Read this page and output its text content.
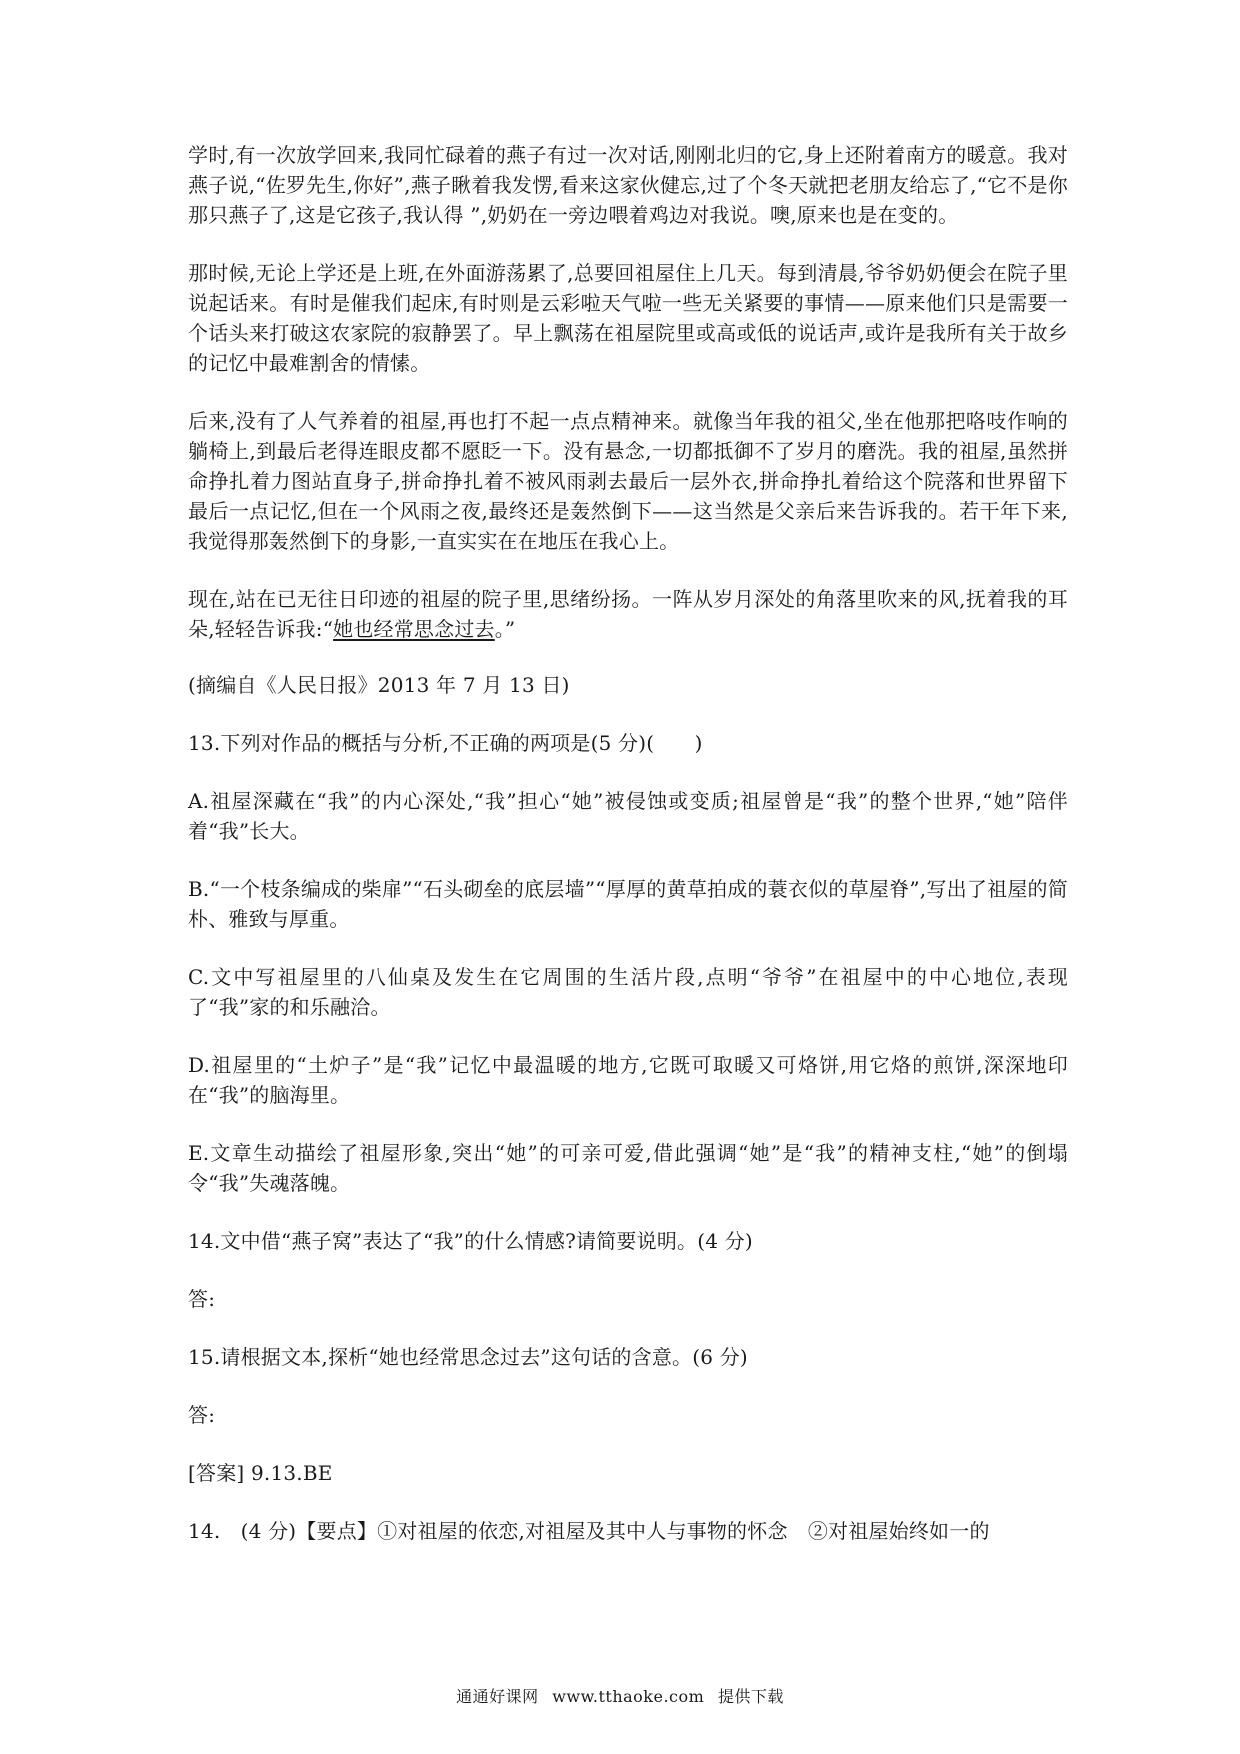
学时,有一次放学回来,我同忙碌着的燕子有过一次对话,刚刚北归的它,身上还附着南方的暖意。我对燕子说,“佐罗先生,你好”,燕子瞅着我发愣,看来这家伙健忘,过了个冬天就把老朋友给忘了,“它不是你那只燕子了,这是它孩子,我认得 ”,奶奶在一旁边喂着鸡边对我说。噢,原来也是在变的。

那时候,无论上学还是上班,在外面游荡累了,总要回祖屋住上几天。每到清晨,爷爷奶奶便会在院子里说起话来。有时是催我们起床,有时则是云彩啦天气啦一些无关紧要的事情——原来他们只是需要一个话头来打破这农家院的寂静罢了。早上飘荡在祖屋院里或高或低的说话声,或许是我所有关于故乡的记忆中最难割舍的情愫。

后来,没有了人气养着的祖屋,再也打不起一点点精神来。就像当年我的祖父,坐在他那把咯吱作响的躺椅上,到最后老得连眼皮都不愿眨一下。没有悬念,一切都抵御不了岁月的磨洗。我的祖屋,虽然拼命挣扎着力图站直身子,拼命挣扎着不被风雨剥去最后一层外衣,拼命挣扎着给这个院落和世界留下最后一点记忆,但在一个风雨之夜,最终还是轰然倒下——这当然是父亲后来告诉我的。若干年下来,我觉得那轰然倒下的身影,一直实实在在地压在我心上。

现在,站在已无往日印迹的祖屋的院子里,思绪纷扬。一阵从岁月深处的角落里吹来的风,抚着我的耳朵,轻轻告诉我:“她也经常思念过去。”

(摘编自《人民日报》2013 年 7 月 13 日)

13.下列对作品的概括与分析,不正确的两项是(5 分)(　　)

A.祖屋深藏在“我”的内心深处,“我”担心“她”被侵蚀或变质;祖屋曾是“我”的整个世界,“她”陪伴着“我”长大。

B.“一个枝条编成的柴扉”“石头砌垒的底层墙”“厚厚的黄草拍成的蓑衣似的草屋脊”,写出了祖屋的简朴、雅致与厚重。

C.文中写祖屋里的八仙桌及发生在它周围的生活片段,点明“爷爷”在祖屋中的中心地位,表现了“我”家的和乐融洽。

D.祖屋里的“土炉子”是“我”记忆中最温暖的地方,它既可取暖又可烙饼,用它烙的煎饼,深深地印在“我”的脑海里。

E.文章生动描绘了祖屋形象,突出“她”的可亲可爱,借此强调“她”是“我”的精神支柱,“她”的倒塌令“我”失魂落魄。

14.文中借“燕子窝”表达了“我”的什么情感?请简要说明。(4 分)

答:

15.请根据文本,探析“她也经常思念过去”这句话的含意。(6 分)

答:

[答案] 9.13.BE

14.　(4 分)【要点】①对祖屋的依恋,对祖屋及其中人与事物的怀念　②对祖屋始终如一的

通通好课网 www.tthaoke.com 提供下载
